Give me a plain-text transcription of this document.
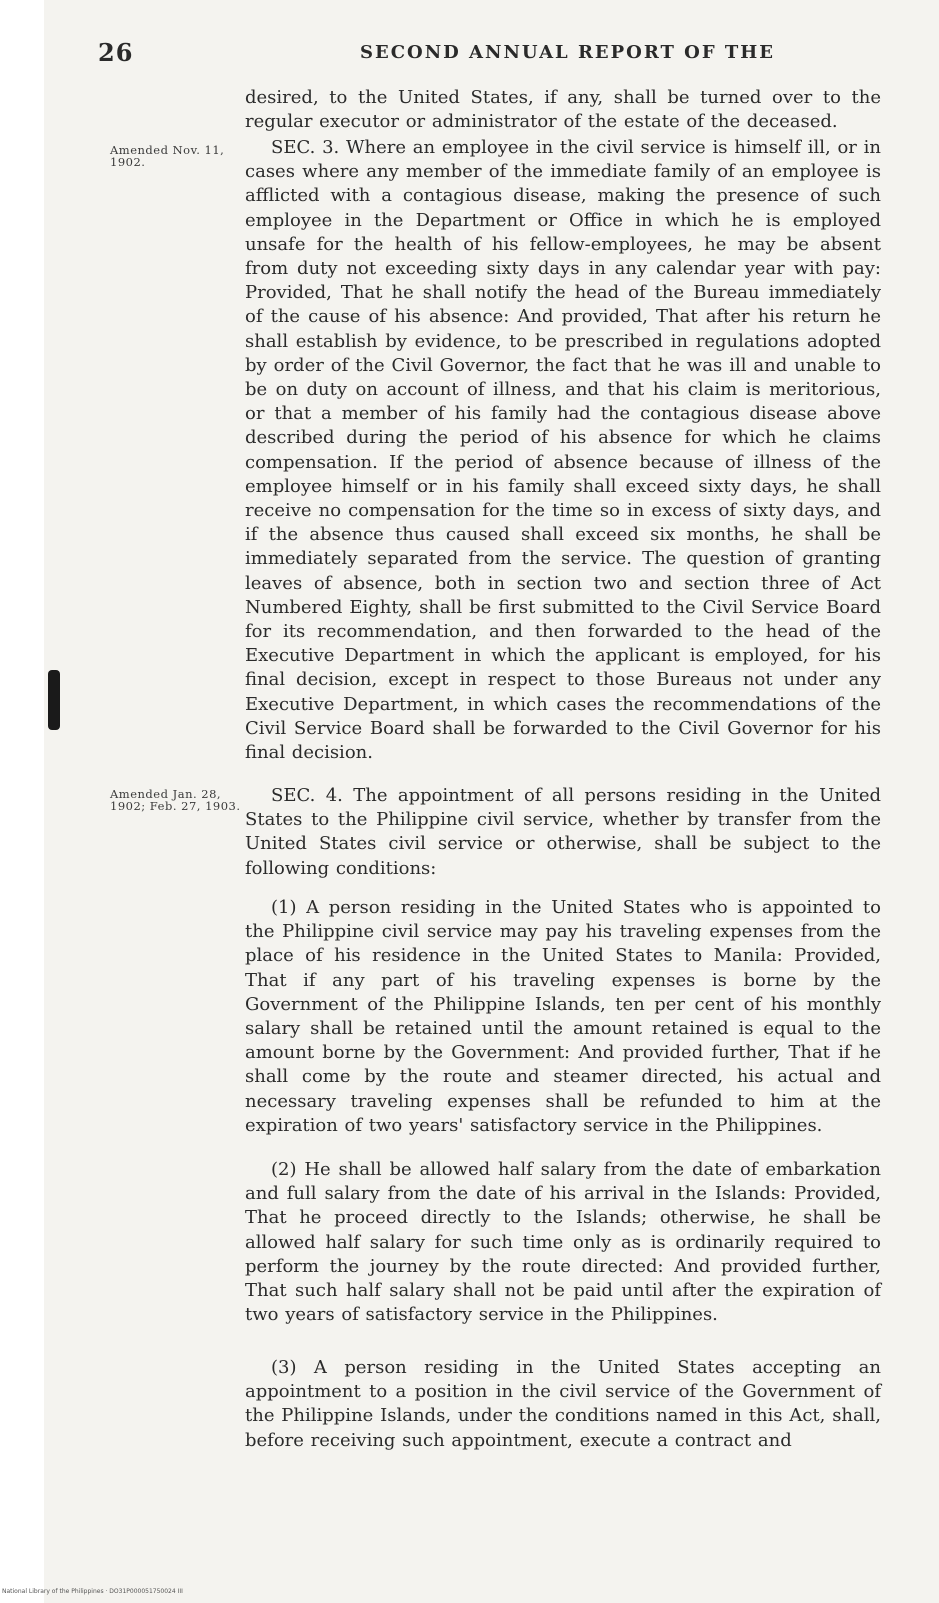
26	SECOND ANNUAL REPORT OF THE

desired, to the United States, if any, shall be turned over to the regular executor or administrator of the estate of the deceased.

Amended Nov. 11, 1902.

SEC. 3. Where an employee in the civil service is himself ill, or in cases where any member of the immediate family of an employee is afflicted with a contagious disease, making the presence of such employee in the Department or Office in which he is employed unsafe for the health of his fellow-employees, he may be absent from duty not exceeding sixty days in any calendar year with pay: Provided, That he shall notify the head of the Bureau immediately of the cause of his absence: And provided, That after his return he shall establish by evidence, to be prescribed in regulations adopted by order of the Civil Governor, the fact that he was ill and unable to be on duty on account of illness, and that his claim is meritorious, or that a member of his family had the contagious disease above described during the period of his absence for which he claims compensation. If the period of absence because of illness of the employee himself or in his family shall exceed sixty days, he shall receive no compensation for the time so in excess of sixty days, and if the absence thus caused shall exceed six months, he shall be immediately separated from the service. The question of granting leaves of absence, both in section two and section three of Act Numbered Eighty, shall be first submitted to the Civil Service Board for its recommendation, and then forwarded to the head of the Executive Department in which the applicant is employed, for his final decision, except in respect to those Bureaus not under any Executive Department, in which cases the recommendations of the Civil Service Board shall be forwarded to the Civil Governor for his final decision.

Amended Jan. 28, 1902; Feb. 27, 1903.	SEC. 4. The appointment of all persons residing in the United States to the Philippine civil service, whether by transfer from the United States civil service or otherwise, shall be subject to the following conditions:

(1) A person residing in the United States who is appointed to the Philippine civil service may pay his traveling expenses from the place of his residence in the United States to Manila: Provided, That if any part of his traveling expenses is borne by the Government of the Philippine Islands, ten per cent of his monthly salary shall be retained until the amount retained is equal to the amount borne by the Government: And provided further, That if he shall come by the route and steamer directed, his actual and necessary traveling expenses shall be refunded to him at the expiration of two years' satisfactory service in the Philippines.

(2) He shall be allowed half salary from the date of embarkation and full salary from the date of his arrival in the Islands: Provided, That he proceed directly to the Islands; otherwise, he shall be allowed half salary for such time only as is ordinarily required to perform the journey by the route directed: And provided further, That such half salary shall not be paid until after the expiration of two years of satisfactory service in the Philippines.

(3) A person residing in the United States accepting an appointment to a position in the civil service of the Government of the Philippine Islands, under the conditions named in this Act, shall, before receiving such appointment, execute a contract and

National Library of the Philippines · DO31P000051750024 III
